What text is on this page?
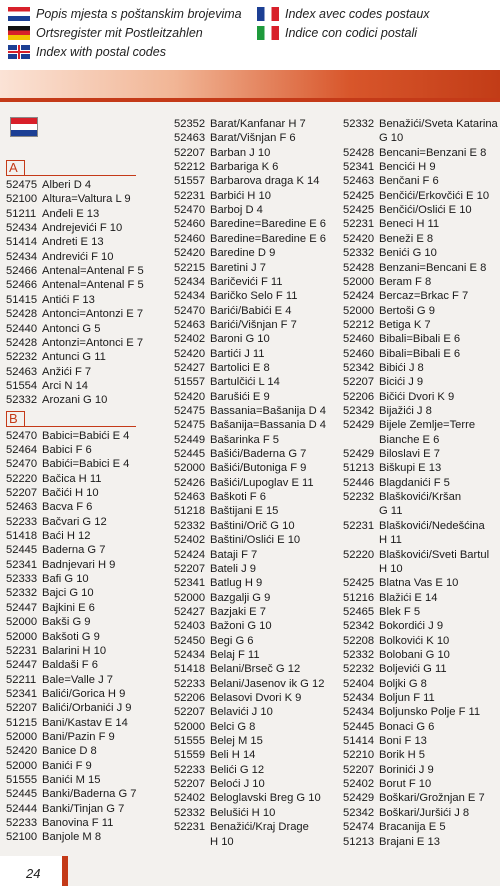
Popis mjesta s poštanskim brojevima
Ortsregister mit Postleitzahlen
Index with postal codes
Index avec codes postaux
Indice con codici postali
A
52475 Alberi D 4
52100 Altura=Valtura L 9
51211 Anđeli E 13
52434 Andrejevići F 10
51414 Andreti E 13
52434 Andrevići F 10
52466 Antenal=Antenal F 5
52466 Antenal=Antenal F 5
51415 Antići F 13
52428 Antonci=Antonzi E 7
52440 Antonci G 5
52428 Antonzi=Antonci E 7
52232 Antunci G 11
52463 Anžići F 7
51554 Arci N 14
52332 Arozani G 10
B
52470 Babici=Babići E 4
52464 Babici F 6
52470 Babići=Babici E 4
52220 Bačica H 11
52207 Bačići H 10
52463 Bacva F 6
52233 Bačvari G 12
51418 Baći H 12
52445 Baderna G 7
52341 Badnjevari H 9
52333 Bafi G 10
52332 Bajci G 10
52447 Bajkini E 6
52000 Bakši G 9
52000 Bakšoti G 9
52231 Balarini H 10
52447 Baldaši F 6
52211 Bale=Valle J 7
52341 Balići/Gorica H 9
52207 Balići/Orbanići J 9
51215 Bani/Kastav E 14
52000 Bani/Pazin F 9
52420 Banice D 8
52000 Banići F 9
51555 Banići M 15
52445 Banki/Baderna G 7
52444 Banki/Tinjan G 7
52233 Banovina F 11
52100 Banjole M 8
52352 Barat/Kanfanar H 7
52463 Barat/Višnjan F 6
52207 Barban J 10
52212 Barbariga K 6
51557 Barbarova draga K 14
52231 Barbići H 10
52470 Barboj D 4
52460 Baredine=Baredine E 6
52460 Baredine=Baredine E 6
52420 Baredine D 9
52215 Baretini J 7
52434 Baričevići F 11
52434 Baričko Selo F 11
52470 Barići/Babići E 4
52463 Barići/Višnjan F 7
52402 Baroni G 10
52420 Bartići J 11
52427 Bartolici E 8
51557 Bartulčići L 14
52420 Barušići E 9
52475 Bassania=Bašanija D 4
52475 Bašanija=Bassania D 4
52449 Bašarinka F 5
52445 Bašići/Baderna G 7
52000 Bašići/Butoniga F 9
52426 Bašići/Lupoglav E 11
52463 Baškoti F 6
51218 Baštijani E 15
52332 Baštini/Orič G 10
52402 Baštini/Oslići E 10
52424 Bataji F 7
52207 Bateli J 9
52341 Batlug H 9
52000 Bazgalji G 9
52427 Bazjaki E 7
52403 Bažoni G 10
52450 Begi G 6
52434 Belaj F 11
51418 Belani/Brseč G 12
52233 Belani/Jasenov ik G 12
52206 Belasovi Dvori K 9
52207 Belavići J 10
52000 Belci G 8
51555 Belej M 15
51559 Beli H 14
52233 Belići G 12
52207 Beloći J 10
52402 Beloglavski Breg G 10
52332 Belušići H 10
52231 Benažići/Kraj Drage
H 10
52332 Benažići/Sveta Katarina
G 10
52428 Bencani=Benzani E 8
52341 Bencići H 9
52463 Benčani F 6
52425 Benčići/Erkovčići E 10
52425 Benčići/Oslići E 10
52231 Beneci H 11
52420 Beneži E 8
52332 Benići G 10
52428 Benzani=Bencani E 8
52000 Beram F 8
52424 Bercaz=Brkac F 7
52000 Bertoši G 9
52212 Betiga K 7
52460 Bibali=Bibali E 6
52460 Bibali=Bibali E 6
52342 Bibići J 8
52207 Bicići J 9
52206 Bičići Dvori K 9
52342 Bijažići J 8
52429 Bijele Zemlje=Terre
Bianche E 6
52429 Biloslavi E 7
51213 Biškupi E 13
52446 Blagdanići F 5
52232 Blaškovići/Kršan
G 11
52231 Blaškovići/Nedešćina
H 11
52220 Blaškovići/Sveti Bartul
H 10
52425 Blatna Vas E 10
51216 Blažići E 14
52465 Blek F 5
52342 Bokordići J 9
52208 Bolkovići K 10
52332 Bolobani G 10
52232 Boljevići G 11
52404 Boljki G 8
52434 Boljun F 11
52434 Boljunsko Polje F 11
52445 Bonaci G 6
51414 Boni F 13
52210 Borik H 5
52207 Borinići J 9
52402 Borut F 10
52429 Boškari/Grožnjan E 7
52342 Boškari/Juršići J 8
52474 Bracanija E 5
51213 Brajani E 13
24
